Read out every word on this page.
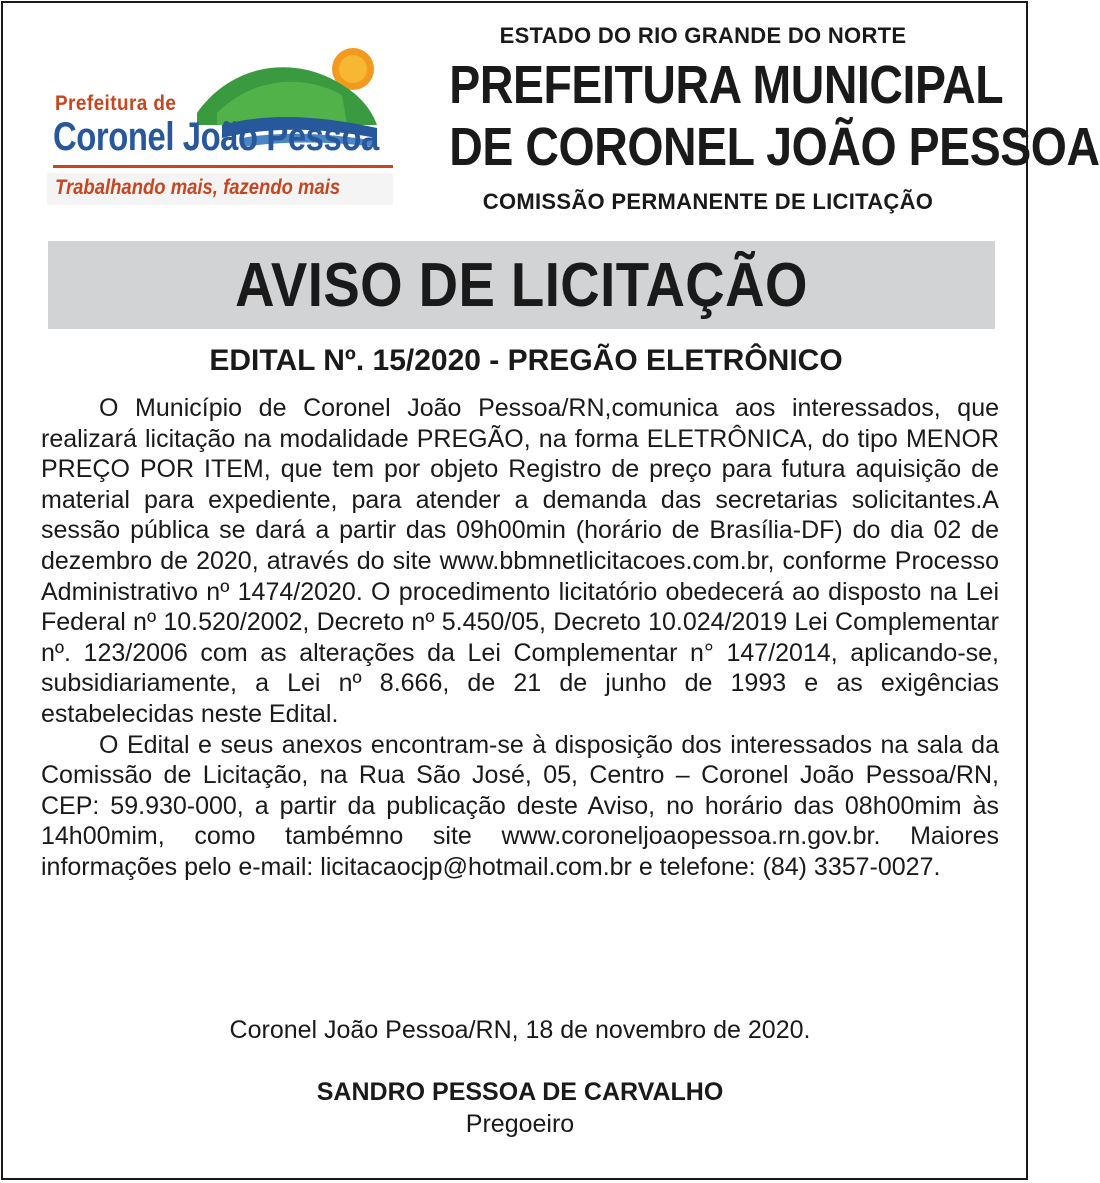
Prefeitura de
Coronel João Pessoa
Trabalhando mais, fazendo mais
ESTADO DO RIO GRANDE DO NORTE
PREFEITURA MUNICIPAL
DE CORONEL JOÃO PESSOA
COMISSÃO PERMANENTE DE LICITAÇÃO
AVISO DE LICITAÇÃO
EDITAL Nº. 15/2020 - PREGÃO ELETRÔNICO

O Município de Coronel João Pessoa/RN,comunica aos interessados, que realizará licitação na modalidade PREGÃO, na forma ELETRÔNICA, do tipo MENOR PREÇO POR ITEM, que tem por objeto Registro de preço para futura aquisição de material para expediente, para atender a demanda das secretarias solicitantes.A sessão pública se dará a partir das 09h00min (horário de Brasília-DF) do dia 02 de dezembro de 2020, através do site www.bbmnetlicitacoes.com.br, conforme Processo Administrativo nº 1474/2020. O procedimento licitatório obedecerá ao disposto na Lei Federal nº 10.520/2002, Decreto nº 5.450/05, Decreto 10.024/2019 Lei Complementar nº. 123/2006 com as alterações da Lei Complementar n° 147/2014, aplicando-se, subsidiariamente, a Lei nº 8.666, de 21 de junho de 1993 e as exigências estabelecidas neste Edital.

O Edital e seus anexos encontram-se à disposição dos interessados na sala da Comissão de Licitação, na Rua São José, 05, Centro – Coronel João Pessoa/RN, CEP: 59.930-000, a partir da publicação deste Aviso, no horário das 08h00mim às 14h00mim, como tambémno site www.coroneljoaopessoa.rn.gov.br. Maiores informações pelo e-mail: licitacaocjp@hotmail.com.br e telefone: (84) 3357-0027.

Coronel João Pessoa/RN, 18 de novembro de 2020.
SANDRO PESSOA DE CARVALHO
Pregoeiro
